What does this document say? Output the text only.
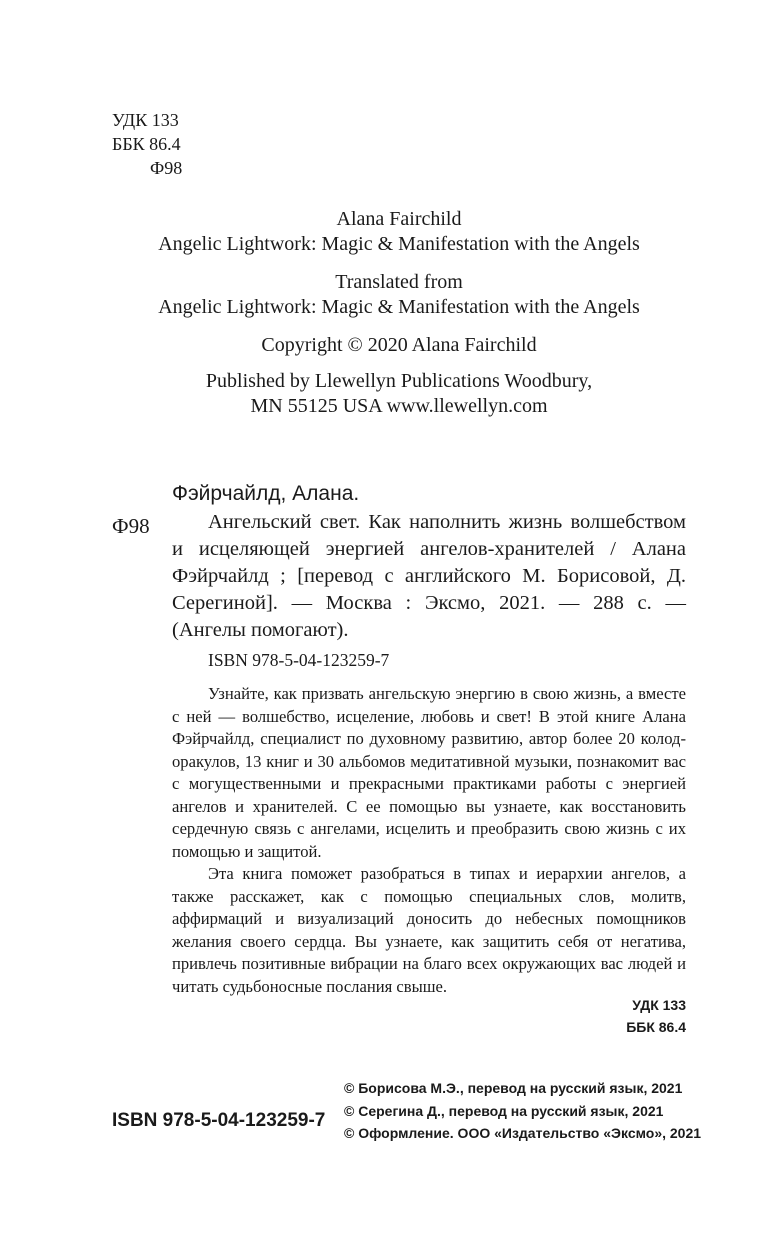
УДК 133
ББК 86.4
Ф98
Alana Fairchild
Angelic Lightwork: Magic & Manifestation with the Angels
Translated from
Angelic Lightwork: Magic & Manifestation with the Angels
Copyright © 2020 Alana Fairchild
Published by Llewellyn Publications Woodbury,
MN 55125 USA www.llewellyn.com
Фэйрчайлд, Алана.
Ф98	Ангельский свет. Как наполнить жизнь волшебством и исцеляющей энергией ангелов-хранителей / Алана Фэйрчайлд ; [перевод с английского М. Борисовой, Д. Серегиной]. — Москва : Эксмо, 2021. — 288 с. — (Ангелы помогают).
ISBN 978-5-04-123259-7

Узнайте, как призвать ангельскую энергию в свою жизнь, а вместе с ней — волшебство, исцеление, любовь и свет! В этой книге Алана Фэйрчайлд, специалист по духовному развитию, автор более 20 колод-оракулов, 13 книг и 30 альбомов медитативной музыки, познакомит вас с могущественными и прекрасными практиками работы с энергией ангелов и хранителей. С ее помощью вы узнаете, как восстановить сердечную связь с ангелами, исцелить и преобразить свою жизнь с их помощью и защитой.

Эта книга поможет разобраться в типах и иерархии ангелов, а также расскажет, как с помощью специальных слов, молитв, аффирмаций и визуализаций доносить до небесных помощников желания своего сердца. Вы узнаете, как защитить себя от негатива, привлечь позитивные вибрации на благо всех окружающих вас людей и читать судьбоносные послания свыше.

УДК 133
ББК 86.4
© Борисова М.Э., перевод на русский язык, 2021
© Серегина Д., перевод на русский язык, 2021
© Оформление. ООО «Издательство «Эксмо», 2021
ISBN 978-5-04-123259-7
